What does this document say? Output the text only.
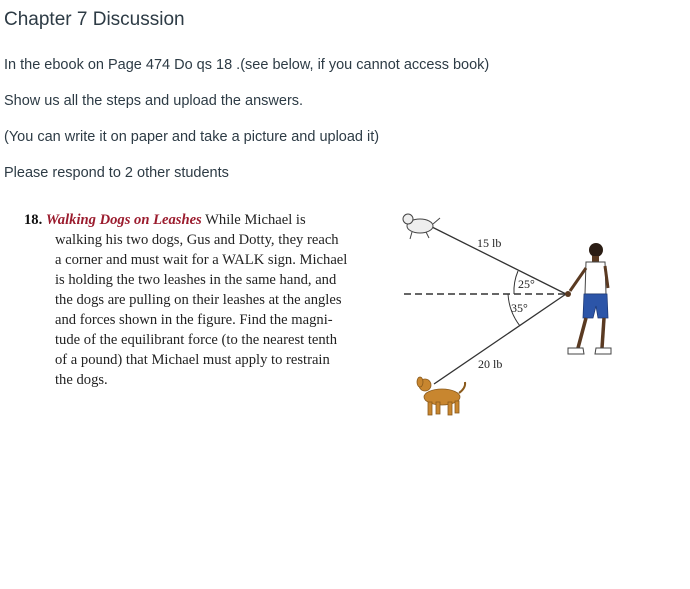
Chapter 7 Discussion

In the ebook on Page 474 Do qs 18 .(see below, if you cannot access book)

Show us all the steps and upload the answers.

(You can write it on paper and take a picture and upload it)

Please respond to 2 other students

18. Walking Dogs on Leashes While Michael is
walking his two dogs, Gus and Dotty, they reach
a corner and must wait for a WALK sign. Michael
is holding the two leashes in the same hand, and
the dogs are pulling on their leashes at the angles
and forces shown in the figure. Find the magni-
tude of the equilibrant force (to the nearest tenth
of a pound) that Michael must apply to restrain
the dogs.
15 lb
20 lb
25°
35°
